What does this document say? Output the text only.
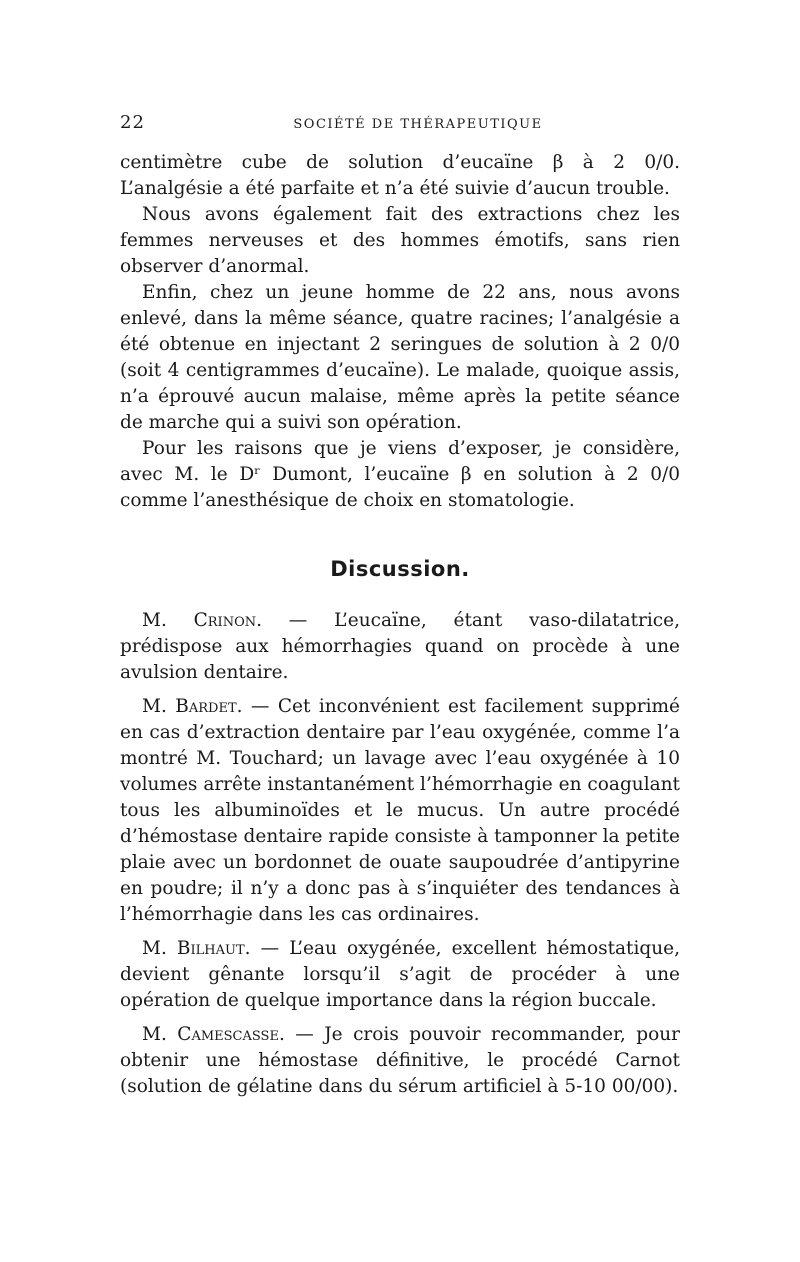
22	SOCIÉTÉ DE THÉRAPEUTIQUE

centimètre cube de solution d’eucaïne β à 2 0/0. L’analgésie a été parfaite et n’a été suivie d’aucun trouble.

Nous avons également fait des extractions chez les femmes nerveuses et des hommes émotifs, sans rien observer d’anormal.

Enfin, chez un jeune homme de 22 ans, nous avons enlevé, dans la même séance, quatre racines; l’analgésie a été obtenue en injectant 2 seringues de solution à 2 0/0 (soit 4 centigrammes d’eucaïne). Le malade, quoique assis, n’a éprouvé aucun malaise, même après la petite séance de marche qui a suivi son opération.

Pour les raisons que je viens d’exposer, je considère, avec M. le Dʳ Dumont, l’eucaïne β en solution à 2 0/0 comme l’anesthésique de choix en stomatologie.

Discussion.

M. Crinon. — L’eucaïne, étant vaso-dilatatrice, prédispose aux hémorrhagies quand on procède à une avulsion dentaire.

M. Bardet. — Cet inconvénient est facilement supprimé en cas d’extraction dentaire par l’eau oxygénée, comme l’a montré M. Touchard; un lavage avec l’eau oxygénée à 10 volumes arrête instantanément l’hémorrhagie en coagulant tous les albuminoïdes et le mucus. Un autre procédé d’hémostase dentaire rapide consiste à tamponner la petite plaie avec un bordonnet de ouate saupoudrée d’antipyrine en poudre; il n’y a donc pas à s’inquiéter des tendances à l’hémorrhagie dans les cas ordinaires.

M. Bilhaut. — L’eau oxygénée, excellent hémostatique, devient gênante lorsqu’il s’agit de procéder à une opération de quelque importance dans la région buccale.

M. Camescasse. — Je crois pouvoir recommander, pour obtenir une hémostase définitive, le procédé Carnot (solution de gélatine dans du sérum artificiel à 5-10 00/00).
